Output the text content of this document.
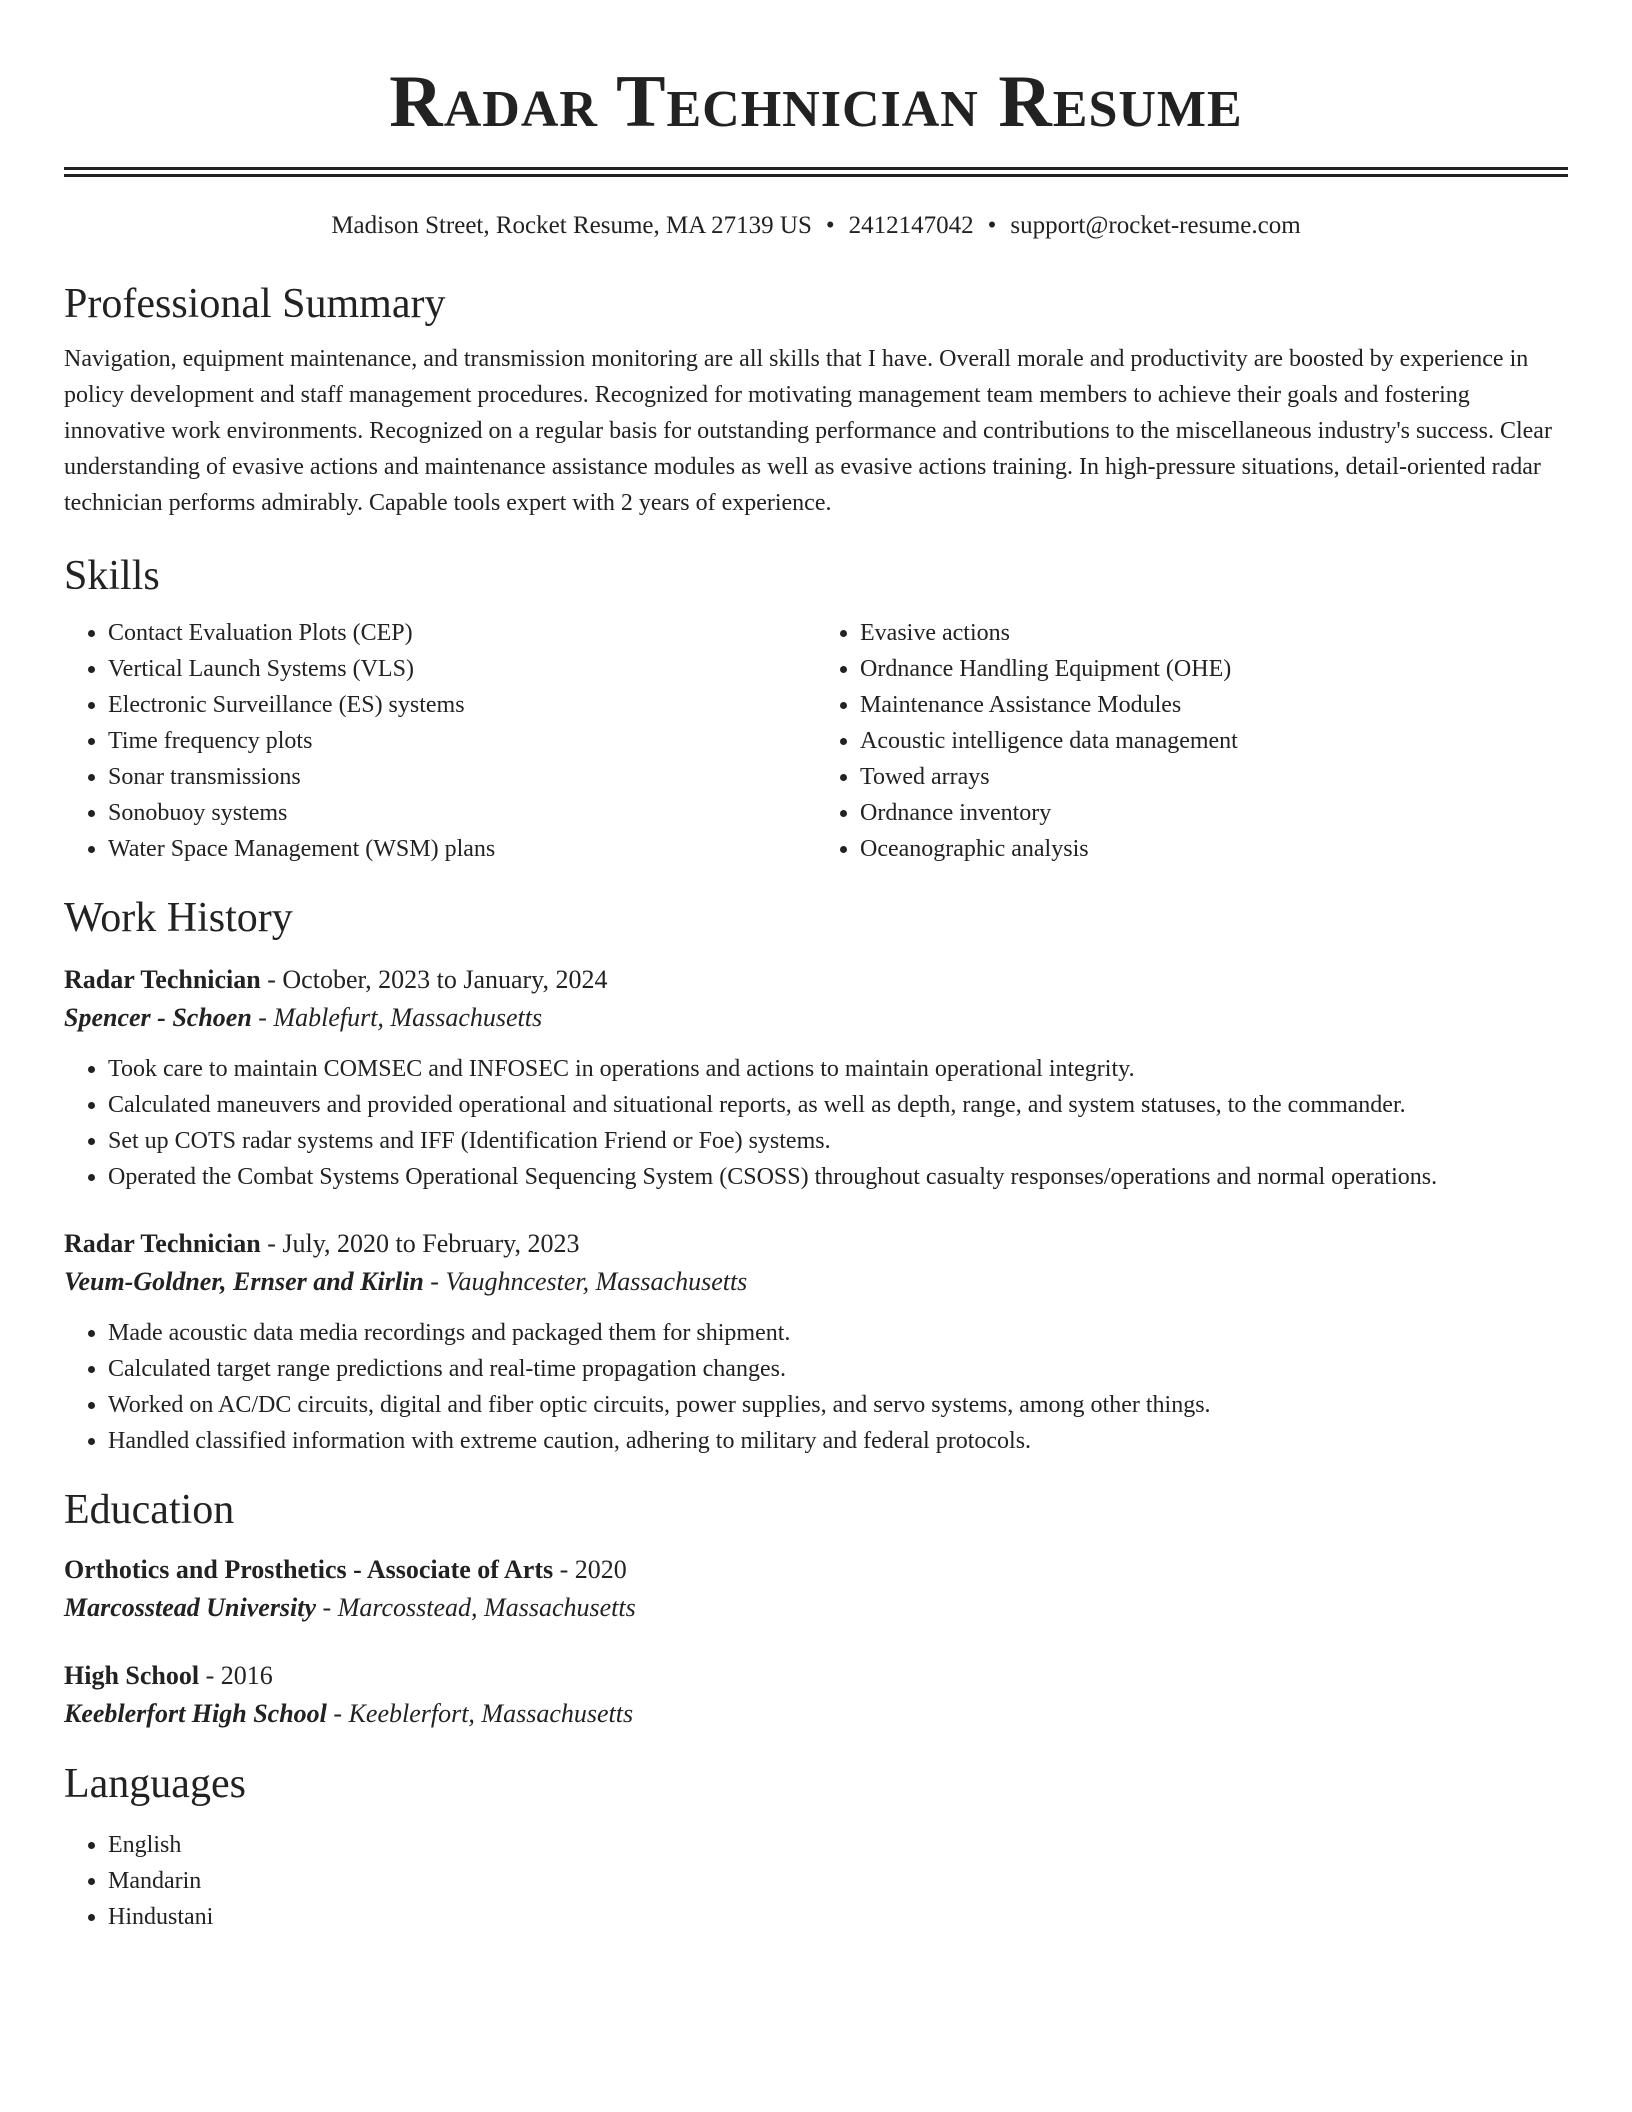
Radar Technician Resume
Madison Street, Rocket Resume, MA 27139 US • 2412147042 • support@rocket-resume.com
Professional Summary
Navigation, equipment maintenance, and transmission monitoring are all skills that I have. Overall morale and productivity are boosted by experience in policy development and staff management procedures. Recognized for motivating management team members to achieve their goals and fostering innovative work environments. Recognized on a regular basis for outstanding performance and contributions to the miscellaneous industry's success. Clear understanding of evasive actions and maintenance assistance modules as well as evasive actions training. In high-pressure situations, detail-oriented radar technician performs admirably. Capable tools expert with 2 years of experience.
Skills
• Contact Evaluation Plots (CEP)
• Vertical Launch Systems (VLS)
• Electronic Surveillance (ES) systems
• Time frequency plots
• Sonar transmissions
• Sonobuoy systems
• Water Space Management (WSM) plans
• Evasive actions
• Ordnance Handling Equipment (OHE)
• Maintenance Assistance Modules
• Acoustic intelligence data management
• Towed arrays
• Ordnance inventory
• Oceanographic analysis
Work History
Radar Technician - October, 2023 to January, 2024
Spencer - Schoen - Mablefurt, Massachusetts
• Took care to maintain COMSEC and INFOSEC in operations and actions to maintain operational integrity.
• Calculated maneuvers and provided operational and situational reports, as well as depth, range, and system statuses, to the commander.
• Set up COTS radar systems and IFF (Identification Friend or Foe) systems.
• Operated the Combat Systems Operational Sequencing System (CSOSS) throughout casualty responses/operations and normal operations.
Radar Technician - July, 2020 to February, 2023
Veum-Goldner, Ernser and Kirlin - Vaughncester, Massachusetts
• Made acoustic data media recordings and packaged them for shipment.
• Calculated target range predictions and real-time propagation changes.
• Worked on AC/DC circuits, digital and fiber optic circuits, power supplies, and servo systems, among other things.
• Handled classified information with extreme caution, adhering to military and federal protocols.
Education
Orthotics and Prosthetics - Associate of Arts - 2020
Marcosstead University - Marcosstead, Massachusetts
High School - 2016
Keeblerfort High School - Keeblerfort, Massachusetts
Languages
• English
• Mandarin
• Hindustani
